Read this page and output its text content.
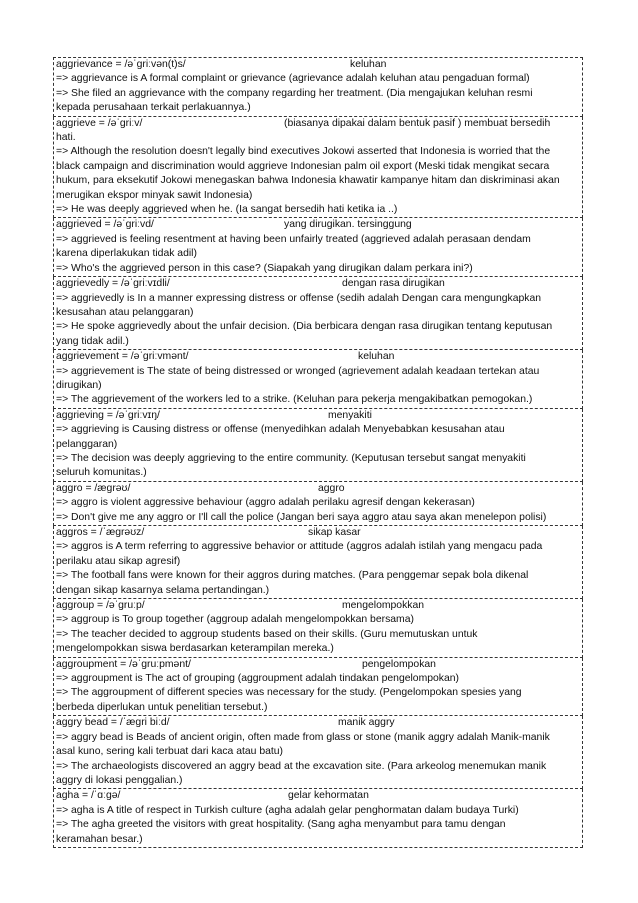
aggrievance = /əˈgriːvən(t)s/	keluhan
=> aggrievance is A formal complaint or grievance (agrievance adalah keluhan atau pengaduan formal)
=> She filed an aggrievance with the company regarding her treatment. (Dia mengajukan keluhan resmi
kepada perusahaan terkait perlakuannya.)
aggrieve = /əˈgriːv/	(biasanya dipakai dalam bentuk pasif ) membuat bersedih
hati.
=> Although the resolution doesn't legally bind executives Jokowi asserted that Indonesia is worried that the
black campaign and discrimination would aggrieve Indonesian palm oil export (Meski tidak mengikat secara
hukum, para eksekutif Jokowi menegaskan bahwa Indonesia khawatir kampanye hitam dan diskriminasi akan
merugikan ekspor minyak sawit Indonesia)
=> He was deeply aggrieved when he. (Ia sangat bersedih hati ketika ia ..)
aggrieved = /əˈgriːvd/	yang dirugikan. tersinggung
=> aggrieved is feeling resentment at having been unfairly treated (aggrieved adalah perasaan dendam
karena diperlakukan tidak adil)
=> Who's the aggrieved person in this case? (Siapakah yang dirugikan dalam perkara ini?)
aggrievedly = /əˈgriːvɪdli/	dengan rasa dirugikan
=> aggrievedly is In a manner expressing distress or offense (sedih adalah Dengan cara mengungkapkan
kesusahan atau pelanggaran)
=> He spoke aggrievedly about the unfair decision. (Dia berbicara dengan rasa dirugikan tentang keputusan
yang tidak adil.)
aggrievement = /əˈgriːvmənt/	keluhan
=> aggrievement is The state of being distressed or wronged (agrievement adalah keadaan tertekan atau
dirugikan)
=> The aggrievement of the workers led to a strike. (Keluhan para pekerja mengakibatkan pemogokan.)
aggrieving = /əˈgriːvɪŋ/	menyakiti
=> aggrieving is Causing distress or offense (menyedihkan adalah Menyebabkan kesusahan atau
pelanggaran)
=> The decision was deeply aggrieving to the entire community. (Keputusan tersebut sangat menyakiti
seluruh komunitas.)
aggro = /ægrəʊ/	aggro
=> aggro is violent aggressive behaviour (aggro adalah perilaku agresif dengan kekerasan)
=> Don't give me any aggro or I'll call the police (Jangan beri saya aggro atau saya akan menelepon polisi)
aggros = /ˈægrəʊz/	sikap kasar
=> aggros is A term referring to aggressive behavior or attitude (aggros adalah istilah yang mengacu pada
perilaku atau sikap agresif)
=> The football fans were known for their aggros during matches. (Para penggemar sepak bola dikenal
dengan sikap kasarnya selama pertandingan.)
aggroup = /əˈgruːp/	mengelompokkan
=> aggroup is To group together (aggroup adalah mengelompokkan bersama)
=> The teacher decided to aggroup students based on their skills. (Guru memutuskan untuk
mengelompokkan siswa berdasarkan keterampilan mereka.)
aggroupment = /əˈgruːpmənt/	pengelompokan
=> aggroupment is The act of grouping (aggroupment adalah tindakan pengelompokan)
=> The aggroupment of different species was necessary for the study. (Pengelompokan spesies yang
berbeda diperlukan untuk penelitian tersebut.)
aggry bead = /ˈægri biːd/	manik aggry
=> aggry bead is Beads of ancient origin, often made from glass or stone (manik aggry adalah Manik-manik
asal kuno, sering kali terbuat dari kaca atau batu)
=> The archaeologists discovered an aggry bead at the excavation site. (Para arkeolog menemukan manik
aggry di lokasi penggalian.)
agha = /ˈɑːgə/	gelar kehormatan
=> agha is A title of respect in Turkish culture (agha adalah gelar penghormatan dalam budaya Turki)
=> The agha greeted the visitors with great hospitality. (Sang agha menyambut para tamu dengan
keramahan besar.)
